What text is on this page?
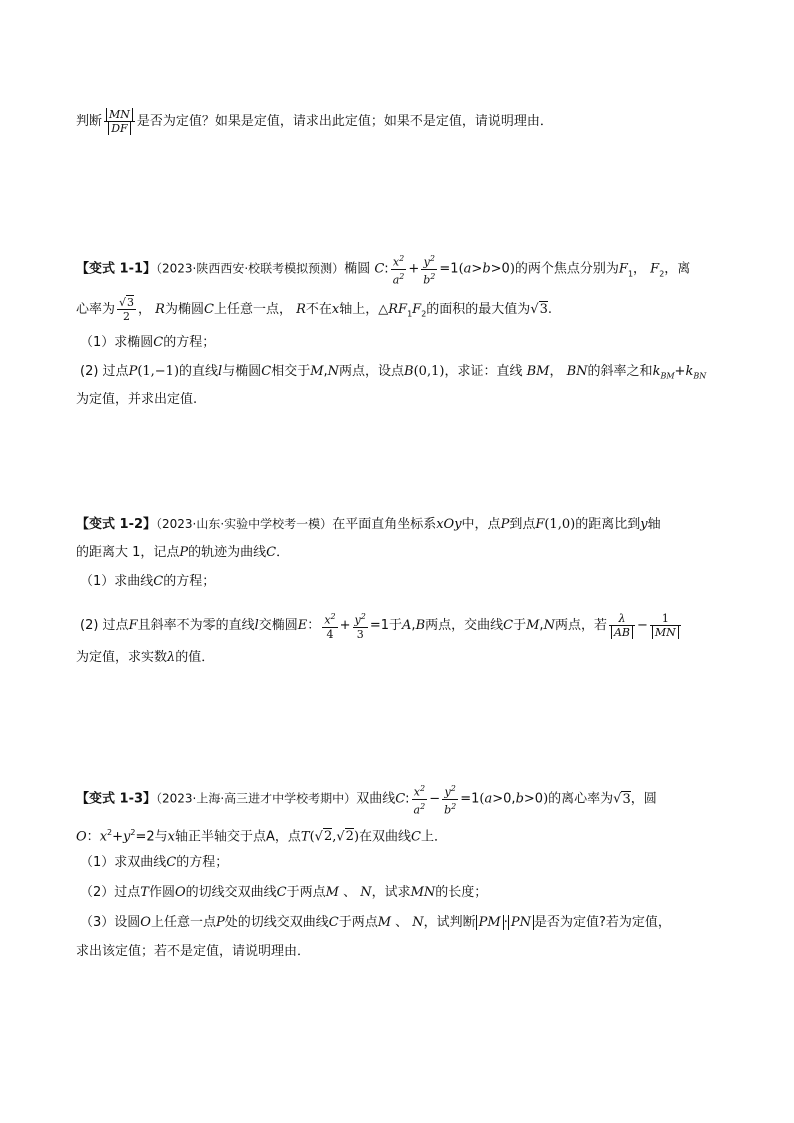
判断 $\frac{MN}{DF}$ 是否为定值？如果是定值，请求出此定值；如果不是定值，请说明理由．
【变式 1-1】（2023·陕西西安·校联考模拟预测）椭圆 C: $\frac{x^2}{a^2} + \frac{y^2}{b^2} =1(a>b>0)$的两个焦点分别为$F_1$， $F_2$，离
心率为 $\frac{√3}{2}$ ， R为椭圆C上任意一点， R不在x轴上，$\triangle RF_1F_2$的面积的最大值为√3.
（1）求椭圆C的方程；
(2) 过点P(1,−1)的直线l与椭圆C相交于M,N两点，设点B(0,1)，求证：直线 BM， BN的斜率之和$k_{BM}+k_{BN}$
为定值，并求出定值.
【变式 1-2】（2023·山东·实验中学校考一模）在平面直角坐标系xOy中，点P到点F(1,0)的距离比到y轴
的距离大 1，记点P的轨迹为曲线C．
（1）求曲线C的方程；
(2) 过点F且斜率不为零的直线l交椭圆E： $\frac{x^2}{4} + \frac{y^2}{3} =1$于A,B两点，交曲线C于M,N两点，若 $\frac{\lambda}{AB} - \frac{1}{MN}$
为定值，求实数λ的值．
【变式 1-3】（2023·上海·高三进才中学校考期中）双曲线C: $\frac{x^2}{a^2} - \frac{y^2}{b^2} =1(a>0,b>0)$的离心率为√3，圆
O：$x^2+y^2=2$与x轴正半轴交于点A，点T(√2,√2)在双曲线C上．
（1）求双曲线C的方程；
（2）过点T作圆O的切线交双曲线C于两点M 、 N，试求MN的长度；
（3）设圆O上任意一点P处的切线交双曲线C于两点M 、 N，试判断 PM · PN 是否为定值?若为定值，
求出该定值；若不是定值，请说明理由．
